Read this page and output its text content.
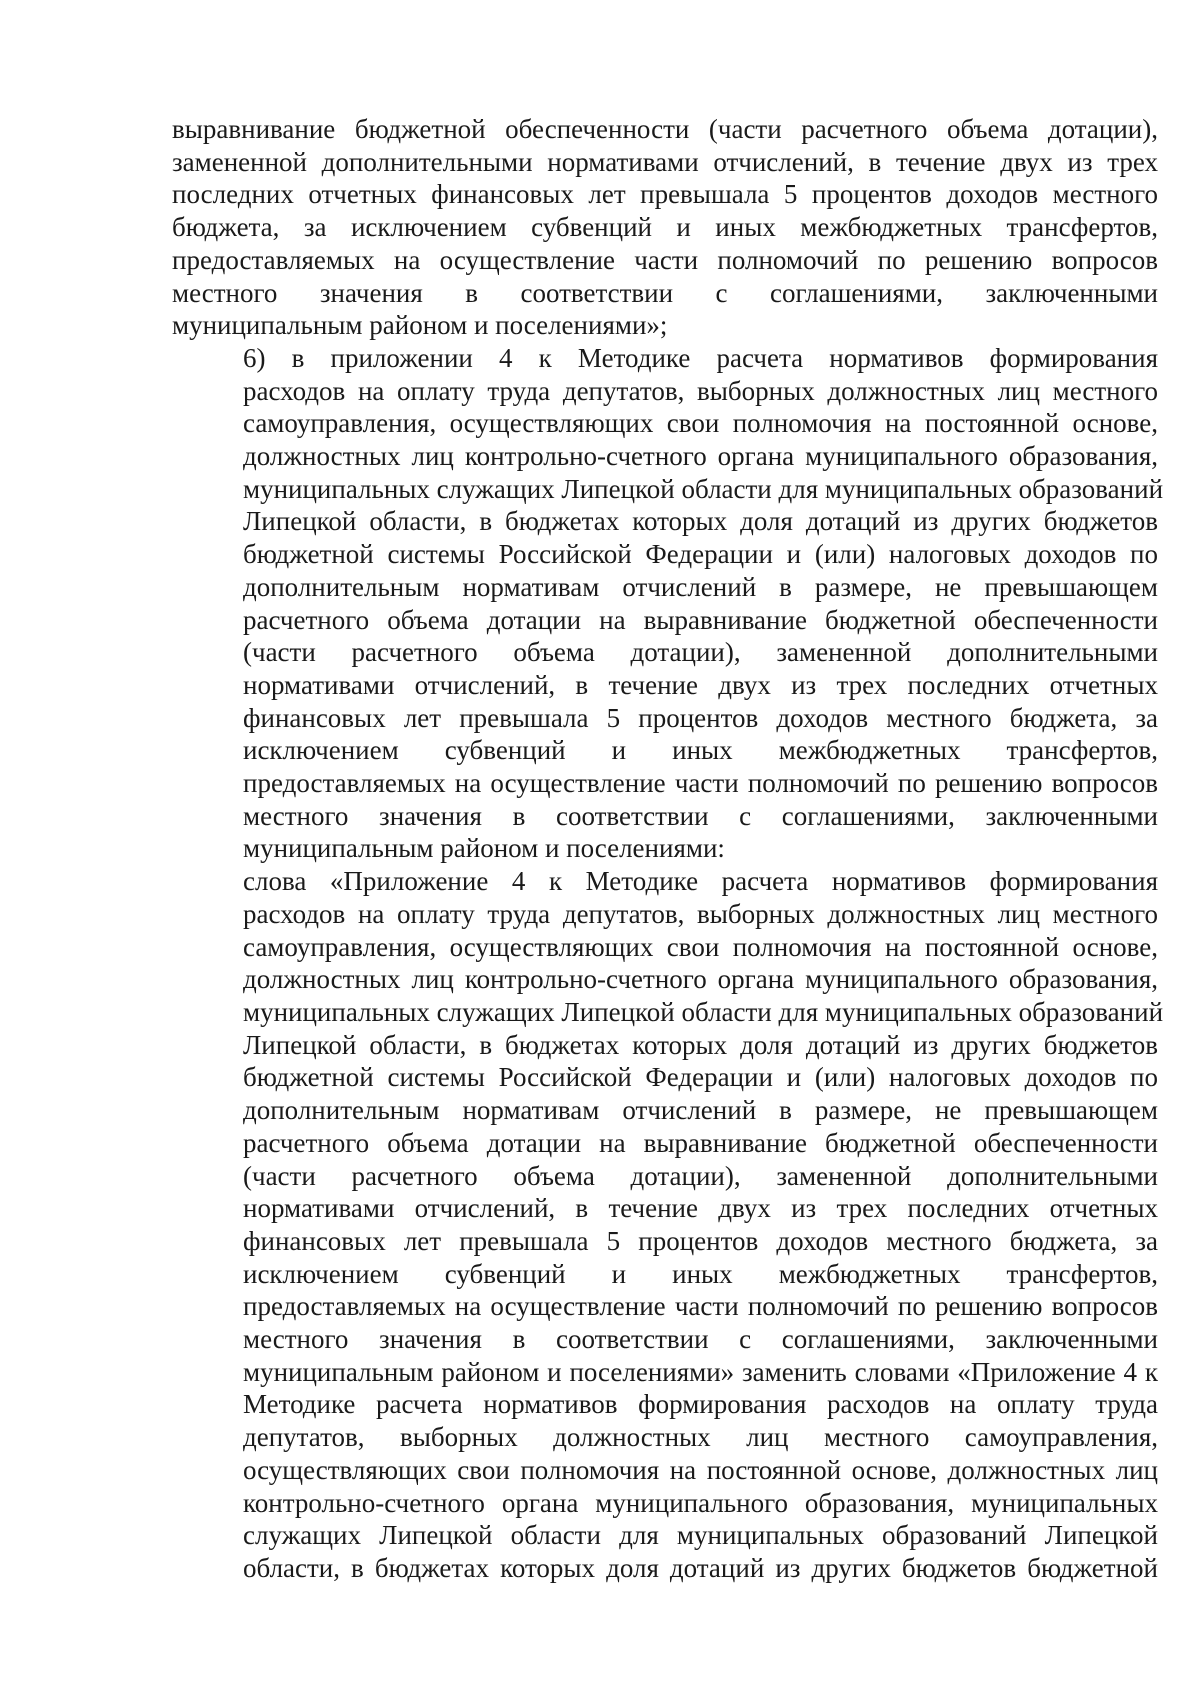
выравнивание бюджетной обеспеченности (части расчетного объема дотации),
замененной дополнительными нормативами отчислений, в течение двух из трех
последних отчетных финансовых лет превышала 5 процентов доходов местного
бюджета, за исключением субвенций и иных межбюджетных трансфертов,
предоставляемых на осуществление части полномочий по решению вопросов
местного значения в соответствии с соглашениями, заключенными
муниципальным районом и поселениями»;

6) в приложении 4 к Методике расчета нормативов формирования
расходов на оплату труда депутатов, выборных должностных лиц местного
самоуправления, осуществляющих свои полномочия на постоянной основе,
должностных лиц контрольно-счетного органа муниципального образования,
муниципальных служащих Липецкой области для муниципальных образований
Липецкой области, в бюджетах которых доля дотаций из других бюджетов
бюджетной системы Российской Федерации и (или) налоговых доходов по
дополнительным нормативам отчислений в размере, не превышающем
расчетного объема дотации на выравнивание бюджетной обеспеченности
(части расчетного объема дотации), замененной дополнительными
нормативами отчислений, в течение двух из трех последних отчетных
финансовых лет превышала 5 процентов доходов местного бюджета, за
исключением субвенций и иных межбюджетных трансфертов,
предоставляемых на осуществление части полномочий по решению вопросов
местного значения в соответствии с соглашениями, заключенными
муниципальным районом и поселениями:

слова «Приложение 4 к Методике расчета нормативов формирования
расходов на оплату труда депутатов, выборных должностных лиц местного
самоуправления, осуществляющих свои полномочия на постоянной основе,
должностных лиц контрольно-счетного органа муниципального образования,
муниципальных служащих Липецкой области для муниципальных образований
Липецкой области, в бюджетах которых доля дотаций из других бюджетов
бюджетной системы Российской Федерации и (или) налоговых доходов по
дополнительным нормативам отчислений в размере, не превышающем
расчетного объема дотации на выравнивание бюджетной обеспеченности
(части расчетного объема дотации), замененной дополнительными
нормативами отчислений, в течение двух из трех последних отчетных
финансовых лет превышала 5 процентов доходов местного бюджета, за
исключением субвенций и иных межбюджетных трансфертов,
предоставляемых на осуществление части полномочий по решению вопросов
местного значения в соответствии с соглашениями, заключенными
муниципальным районом и поселениями» заменить словами «Приложение 4 к
Методике расчета нормативов формирования расходов на оплату труда
депутатов, выборных должностных лиц местного самоуправления,
осуществляющих свои полномочия на постоянной основе, должностных лиц
контрольно-счетного органа муниципального образования, муниципальных
служащих Липецкой области для муниципальных образований Липецкой
области, в бюджетах которых доля дотаций из других бюджетов бюджетной
